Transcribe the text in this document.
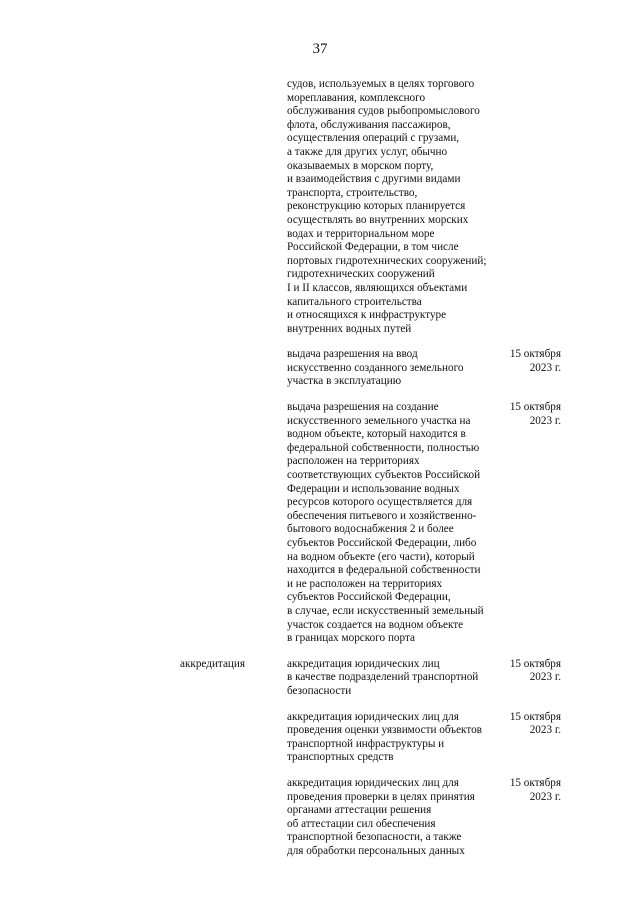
37
судов, используемых в целях торгового
мореплавания, комплексного
обслуживания судов рыбопромыслового
флота, обслуживания пассажиров,
осуществления операций с грузами,
а также для других услуг, обычно
оказываемых в морском порту,
и взаимодействия с другими видами
транспорта, строительство,
реконструкцию которых планируется
осуществлять во внутренних морских
водах и территориальном море
Российской Федерации, в том числе
портовых гидротехнических сооружений;
гидротехнических сооружений
I и II классов, являющихся объектами
капитального строительства
и относящихся к инфраструктуре
внутренних водных путей
выдача разрешения на ввод
искусственно созданного земельного
участка в эксплуатацию
15 октября
2023 г.
выдача разрешения на создание
искусственного земельного участка на
водном объекте, который находится в
федеральной собственности, полностью
расположен на территориях
соответствующих субъектов Российской
Федерации и использование водных
ресурсов которого осуществляется для
обеспечения питьевого и хозяйственно-
бытового водоснабжения 2 и более
субъектов Российской Федерации, либо
на водном объекте (его части), который
находится в федеральной собственности
и не расположен на территориях
субъектов Российской Федерации,
в случае, если искусственный земельный
участок создается на водном объекте
в границах морского порта
15 октября
2023 г.
аккредитация	аккредитация юридических лиц
в качестве подразделений транспортной
безопасности
15 октября
2023 г.
аккредитация юридических лиц для
проведения оценки уязвимости объектов
транспортной инфраструктуры и
транспортных средств
15 октября
2023 г.
аккредитация юридических лиц для
проведения проверки в целях принятия
органами аттестации решения
об аттестации сил обеспечения
транспортной безопасности, а также
для обработки персональных данных
15 октября
2023 г.
